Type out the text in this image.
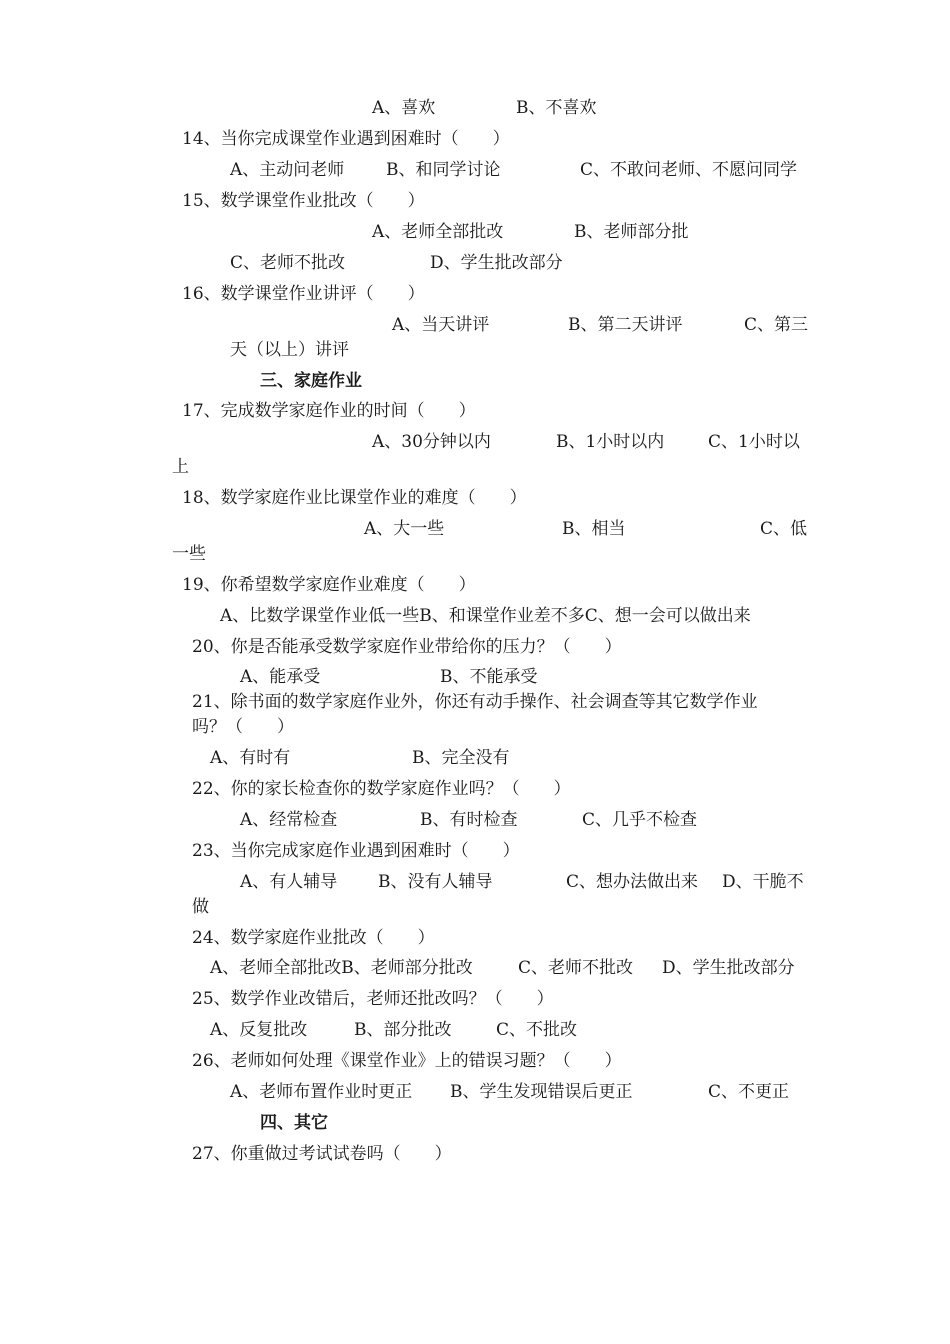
A、喜欢	B、不喜欢
14、当你完成课堂作业遇到困难时（　　）
A、主动问老师 B、和同学讨论	C、不敢问老师、不愿问同学
15、数学课堂作业批改（　　）
A、老师全部批改	B、老师部分批
C、老师不批改	D、学生批改部分
16、数学课堂作业讲评（　　）
A、当天讲评	B、第二天讲评	C、第三
天（以上）讲评
三、家庭作业
17、完成数学家庭作业的时间（　　）
A、30分钟以内	B、1小时以内	C、1小时以
上
18、数学家庭作业比课堂作业的难度（　　）
A、大一些	B、相当	C、低
一些
19、你希望数学家庭作业难度（　　）
A、比数学课堂作业低一些B、和课堂作业差不多C、想一会可以做出来
20、你是否能承受数学家庭作业带给你的压力？（　　）
A、能承受	B、不能承受
21、除书面的数学家庭作业外，你还有动手操作、社会调查等其它数学作业
吗？（　　）
A、有时有	B、完全没有
22、你的家长检查你的数学家庭作业吗？（　　）
A、经常检查	B、有时检查	C、几乎不检查
23、当你完成家庭作业遇到困难时（　　）
A、有人辅导 B、没有人辅导	C、想办法做出来 D、干脆不
做
24、数学家庭作业批改（　　）
A、老师全部批改B、老师部分批改	C、老师不批改 D、学生批改部分
25、数学作业改错后，老师还批改吗？（　　）
A、反复批改	B、部分批改	C、不批改
26、老师如何处理《课堂作业》上的错误习题？（　　）
A、老师布置作业时更正 B、学生发现错误后更正	C、不更正
四、其它
27、你重做过考试试卷吗（　　）
